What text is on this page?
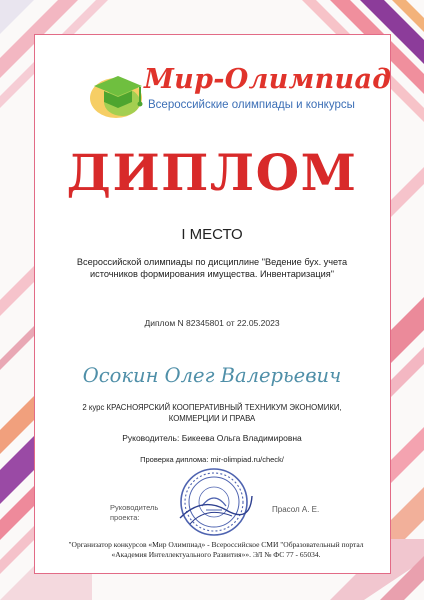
Мир-Олимпиад
Всероссийские олимпиады и конкурсы
ДИПЛОМ
I МЕСТО
Всероссийской олимпиады по дисциплине "Ведение бух. учета источников формирования имущества. Инвентаризация"
Диплом N 82345801 от 22.05.2023
Осокин Олег Валерьевич
2 курс КРАСНОЯРСКИЙ КООПЕРАТИВНЫЙ ТЕХНИКУМ ЭКОНОМИКИ, КОММЕРЦИИ И ПРАВА
Руководитель: Бикеева Ольга Владимировна
Проверка диплома: mir-olimpiad.ru/check/
Руководитель проекта:
Прасол А. Е.
"Организатор конкурсов «Мир Олимпиад» - Всероссийское СМИ "Образовательный портал «Академия Интеллектуального Развития»». ЭЛ № ФС 77 - 65034.
